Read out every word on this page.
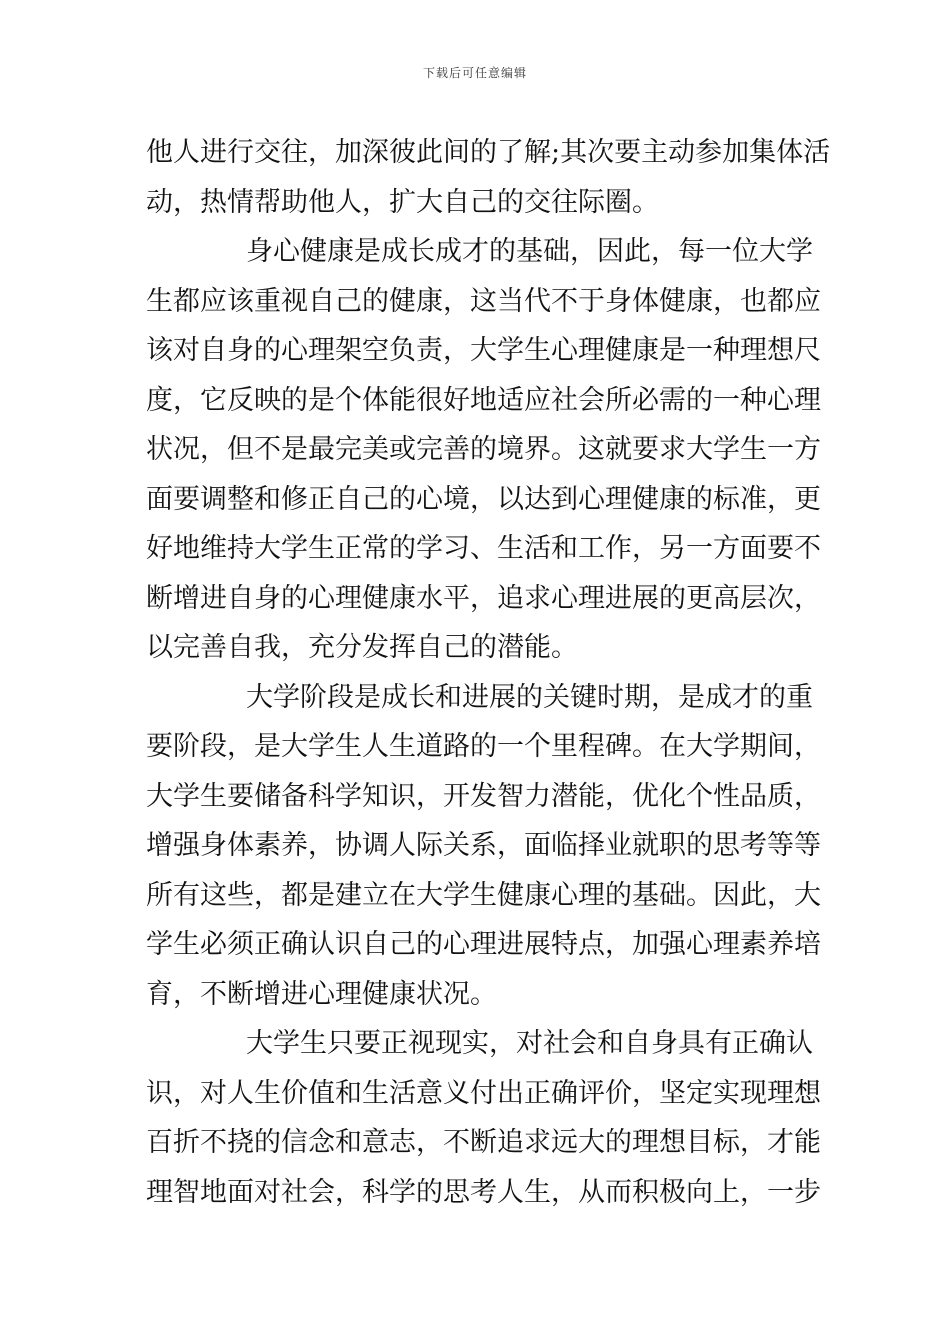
下载后可任意编辑
他人进行交往，加深彼此间的了解;其次要主动参加集体活
动，热情帮助他人，扩大自己的交往际圈。
身心健康是成长成才的基础，因此，每一位大学
生都应该重视自己的健康，这当代不于身体健康，也都应
该对自身的心理架空负责，大学生心理健康是一种理想尺
度，它反映的是个体能很好地适应社会所必需的一种心理
状况，但不是最完美或完善的境界。这就要求大学生一方
面要调整和修正自己的心境，以达到心理健康的标准，更
好地维持大学生正常的学习、生活和工作，另一方面要不
断增进自身的心理健康水平，追求心理进展的更高层次，
以完善自我，充分发挥自己的潜能。
大学阶段是成长和进展的关键时期，是成才的重
要阶段，是大学生人生道路的一个里程碑。在大学期间，
大学生要储备科学知识，开发智力潜能，优化个性品质，
增强身体素养，协调人际关系，面临择业就职的思考等等
所有这些，都是建立在大学生健康心理的基础。因此，大
学生必须正确认识自己的心理进展特点，加强心理素养培
育，不断增进心理健康状况。
大学生只要正视现实，对社会和自身具有正确认
识，对人生价值和生活意义付出正确评价，坚定实现理想
百折不挠的信念和意志，不断追求远大的理想目标，才能
理智地面对社会，科学的思考人生，从而积极向上，一步
